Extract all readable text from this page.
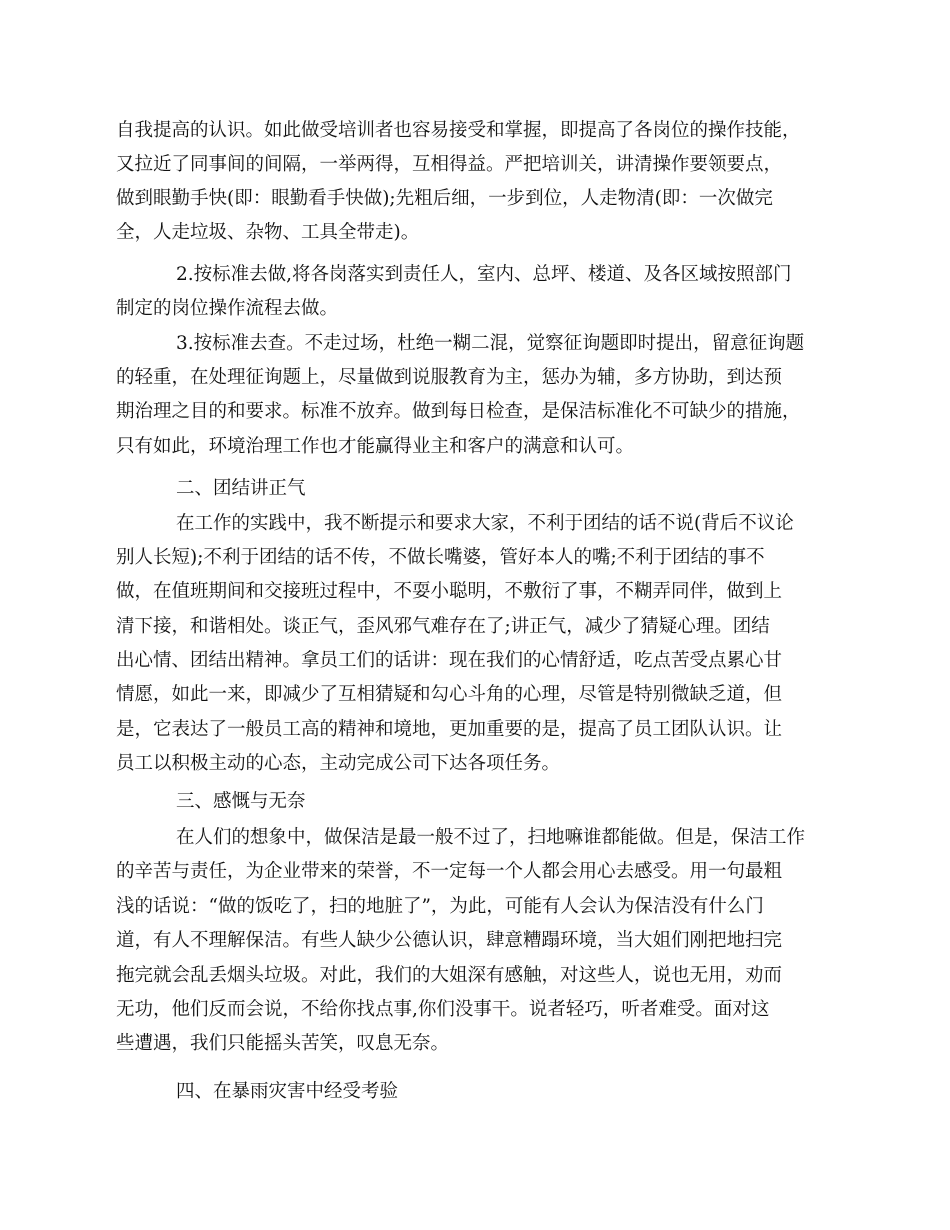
自我提高的认识。如此做受培训者也容易接受和掌握，即提高了各岗位的操作技能，
又拉近了同事间的间隔，一举两得，互相得益。严把培训关，讲清操作要领要点，
做到眼勤手快(即：眼勤看手快做);先粗后细，一步到位，人走物清(即：一次做完
全，人走垃圾、杂物、工具全带走)。
2.按标准去做,将各岗落实到责任人，室内、总坪、楼道、及各区域按照部门
制定的岗位操作流程去做。
3.按标准去查。不走过场，杜绝一糊二混，觉察征询题即时提出，留意征询题
的轻重，在处理征询题上，尽量做到说服教育为主，惩办为辅，多方协助，到达预
期治理之目的和要求。标准不放弃。做到每日检查，是保洁标准化不可缺少的措施，
只有如此，环境治理工作也才能赢得业主和客户的满意和认可。
二、团结讲正气
在工作的实践中，我不断提示和要求大家，不利于团结的话不说(背后不议论
别人长短);不利于团结的话不传，不做长嘴婆，管好本人的嘴;不利于团结的事不
做，在值班期间和交接班过程中，不耍小聪明，不敷衍了事，不糊弄同伴，做到上
清下接，和谐相处。谈正气，歪风邪气难存在了;讲正气，减少了猜疑心理。团结
出心情、团结出精神。拿员工们的话讲：现在我们的心情舒适，吃点苦受点累心甘
情愿，如此一来，即减少了互相猜疑和勾心斗角的心理，尽管是特别微缺乏道，但
是，它表达了一般员工高的精神和境地，更加重要的是，提高了员工团队认识。让
员工以积极主动的心态，主动完成公司下达各项任务。
三、感慨与无奈
在人们的想象中，做保洁是最一般不过了，扫地嘛谁都能做。但是，保洁工作
的辛苦与责任，为企业带来的荣誉，不一定每一个人都会用心去感受。用一句最粗
浅的话说：“做的饭吃了，扫的地脏了”，为此，可能有人会认为保洁没有什么门
道，有人不理解保洁。有些人缺少公德认识，肆意糟蹋环境，当大姐们刚把地扫完
拖完就会乱丢烟头垃圾。对此，我们的大姐深有感触，对这些人，说也无用，劝而
无功，他们反而会说，不给你找点事,你们没事干。说者轻巧，听者难受。面对这
些遭遇，我们只能摇头苦笑，叹息无奈。
四、在暴雨灾害中经受考验
